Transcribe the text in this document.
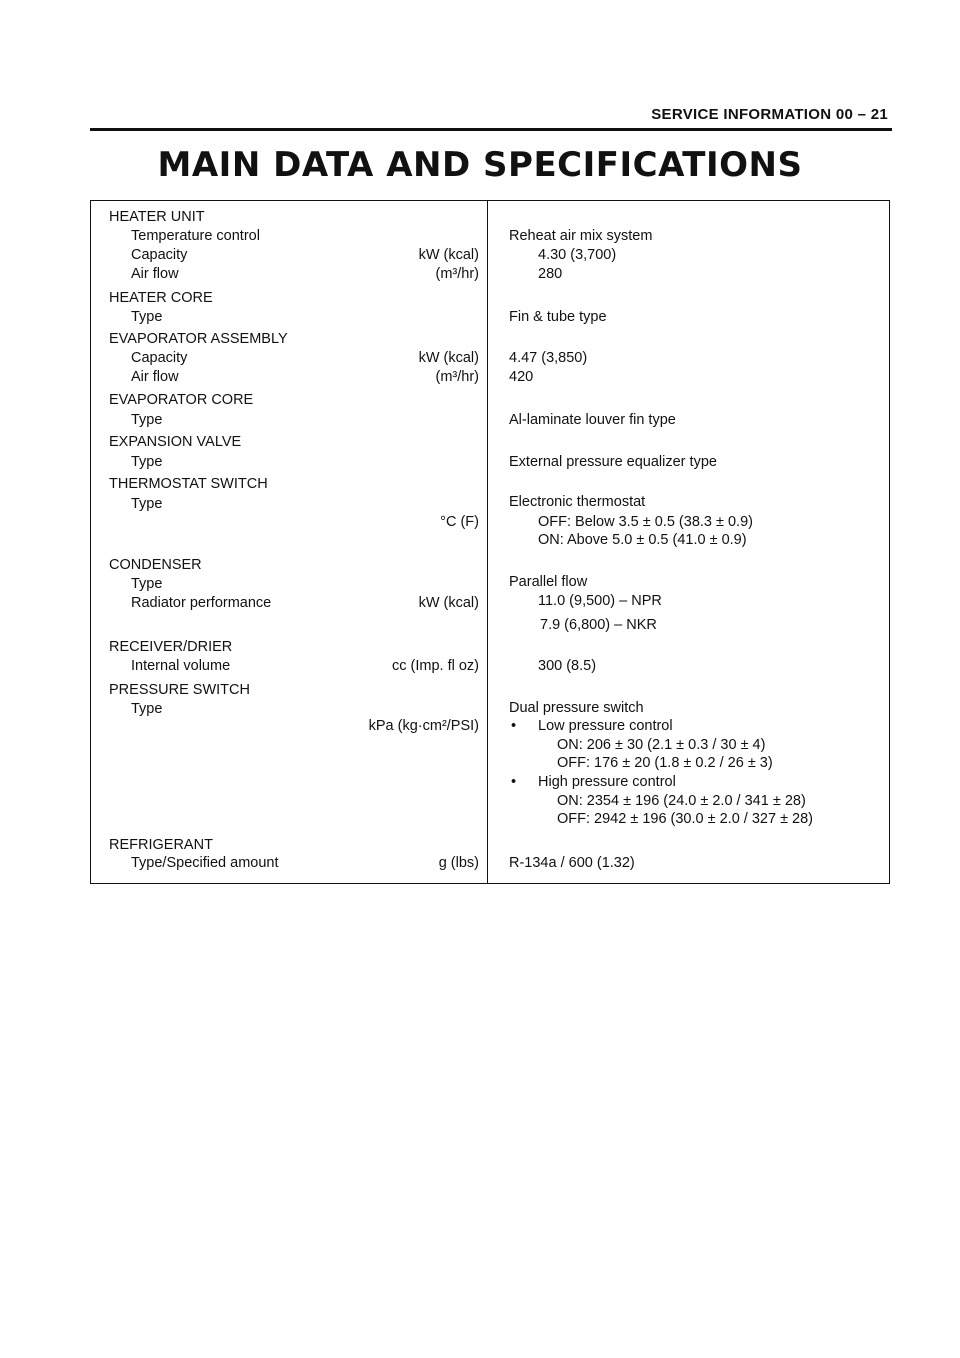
SERVICE INFORMATION 00 – 21
MAIN DATA AND SPECIFICATIONS
HEATER UNIT
Temperature control	Reheat air mix system
Capacity	kW (kcal)	4.30 (3,700)
Air flow	(m³/hr)	280
HEATER CORE
Type	Fin & tube type
EVAPORATOR ASSEMBLY
Capacity	kW (kcal) 4.47 (3,850)
Air flow	(m³/hr) 420
EVAPORATOR CORE
Type	Al-laminate louver fin type
EXPANSION VALVE
Type	External pressure equalizer type
THERMOSTAT SWITCH
Type	Electronic thermostat
°C (F)	OFF: Below 3.5 ± 0.5 (38.3 ± 0.9)
ON: Above 5.0 ± 0.5 (41.0 ± 0.9)
CONDENSER
Type	Parallel flow
Radiator performance	kW (kcal)	11.0 (9,500) – NPR
7.9 (6,800) – NKR
RECEIVER/DRIER
Internal volume	cc (Imp. fl oz)	300 (8.5)
PRESSURE SWITCH
Type	Dual pressure switch
kPa (kg·cm²/PSI) • Low pressure control
ON: 206 ± 30 (2.1 ± 0.3 / 30 ± 4)
OFF: 176 ± 20 (1.8 ± 0.2 / 26 ± 3)
• High pressure control
ON: 2354 ± 196 (24.0 ± 2.0 / 341 ± 28)
OFF: 2942 ± 196 (30.0 ± 2.0 / 327 ± 28)
REFRIGERANT
Type/Specified amount	g (lbs) R-134a / 600 (1.32)
